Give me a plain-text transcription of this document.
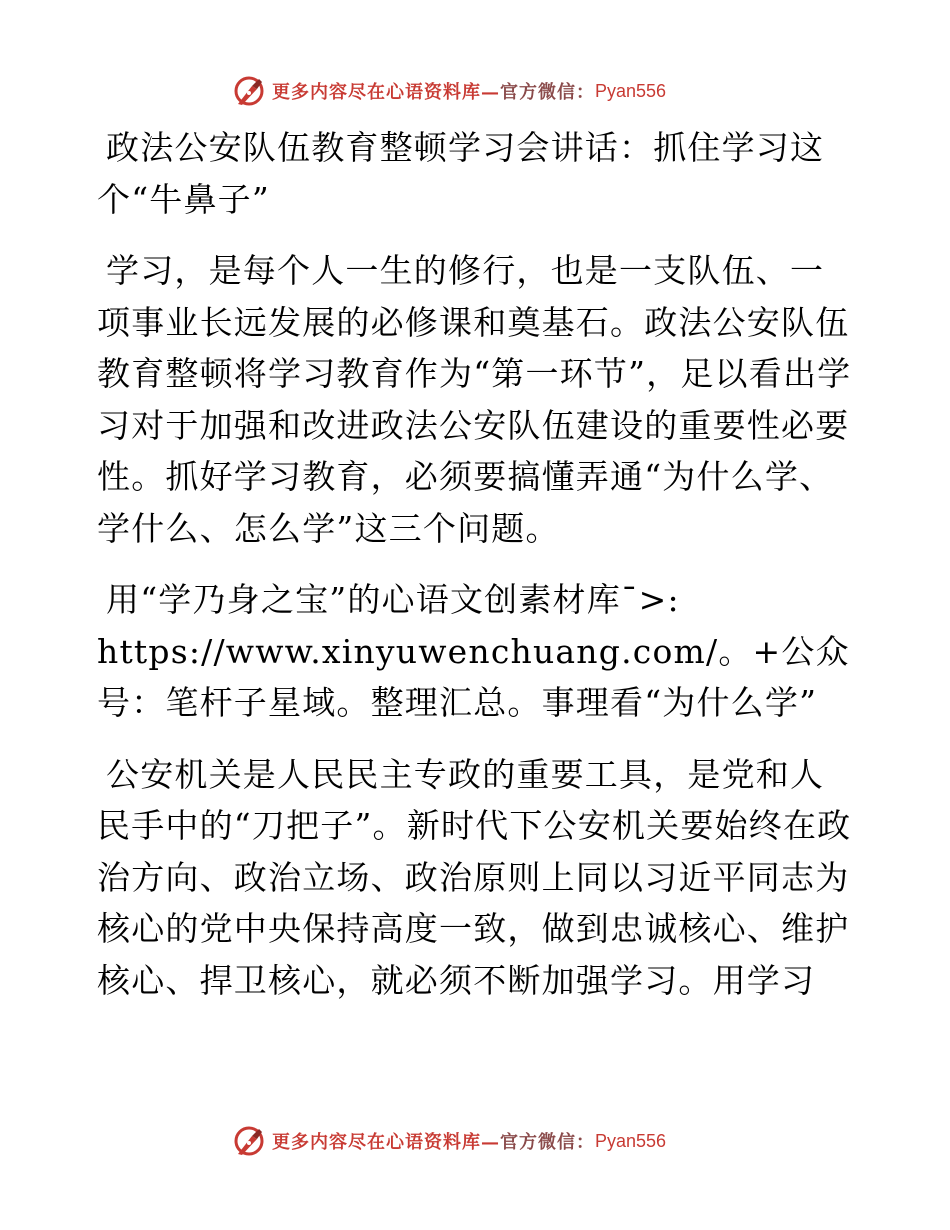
更多内容尽在心语资料库— 官方微信： Pyan556

政法公安队伍教育整顿学习会讲话：抓住学习这个“牛鼻子”

学习，是每个人一生的修行，也是一支队伍、一项事业长远发展的必修课和奠基石。政法公安队伍教育整顿将学习教育作为“第一环节”，足以看出学习对于加强和改进政法公安队伍建设的重要性必要性。抓好学习教育，必须要搞懂弄通“为什么学、学什么、怎么学”这三个问题。

用“学乃身之宝”的心语文创素材库¯>: https://www.xinyuwenchuang.com/。+公众号：笔杆子星域。整理汇总。事理看“为什么学”

公安机关是人民民主专政的重要工具，是党和人民手中的“刀把子”。新时代下公安机关要始终在政治方向、政治立场、政治原则上同以习近平同志为核心的党中央保持高度一致，做到忠诚核心、维护核心、捍卫核心，就必须不断加强学习。用学习

更多内容尽在心语资料库— 官方微信： Pyan556
